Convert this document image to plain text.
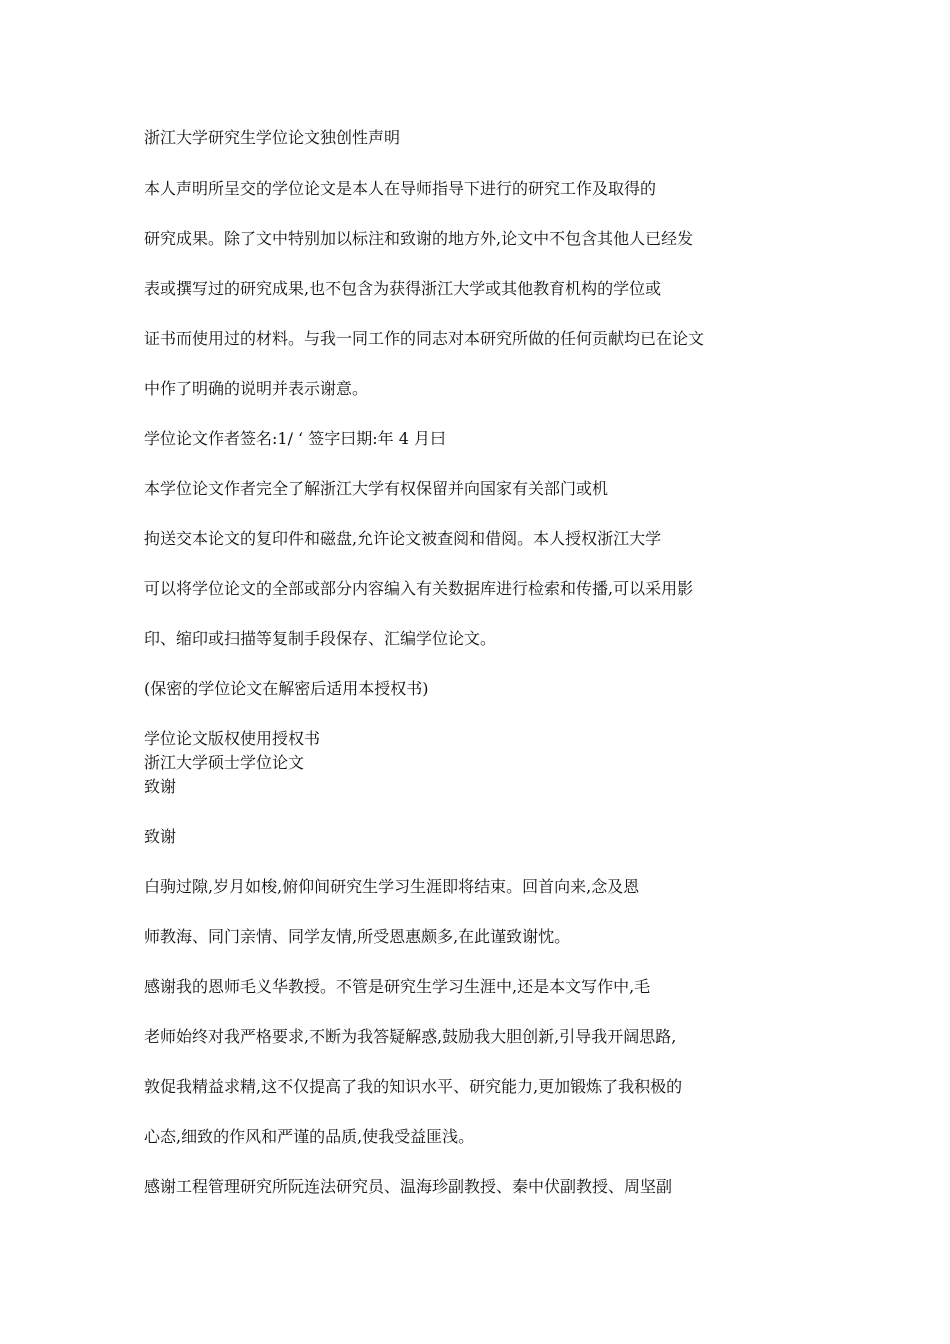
浙江大学研究生学位论文独创性声明

本人声明所呈交的学位论文是本人在导师指导下进行的研究工作及取得的

研究成果。除了文中特别加以标注和致谢的地方外,论文中不包含其他人已经发

表或撰写过的研究成果,也不包含为获得浙江大学或其他教育机构的学位或

证书而使用过的材料。与我一同工作的同志对本研究所做的任何贡献均已在论文

中作了明确的说明并表示谢意。

学位论文作者签名:1/ ‘ 签字曰期:年 4 月曰

本学位论文作者完全了解浙江大学有权保留并向国家有关部门或机

拘送交本论文的复印件和磁盘,允许论文被查阅和借阅。本人授权浙江大学

可以将学位论文的全部或部分内容编入有关数据库进行检索和传播,可以采用影

印、缩印或扫描等复制手段保存、汇编学位论文。

(保密的学位论文在解密后适用本授权书)

学位论文版权使用授权书

浙江大学硕士学位论文

致谢

致谢

白驹过隙,岁月如梭,俯仰间研究生学习生涯即将结束。回首向来,念及恩

师教海、同门亲情、同学友情,所受恩惠颇多,在此谨致谢忱。

感谢我的恩师毛义华教授。不管是研究生学习生涯中,还是本文写作中,毛

老师始终对我严格要求,不断为我答疑解惑,鼓励我大胆创新,引导我开阔思路,

敦促我精益求精,这不仅提高了我的知识水平、研究能力,更加锻炼了我积极的

心态,细致的作风和严谨的品质,使我受益匪浅。

感谢工程管理研究所阮连法研究员、温海珍副教授、秦中伏副教授、周坚副
